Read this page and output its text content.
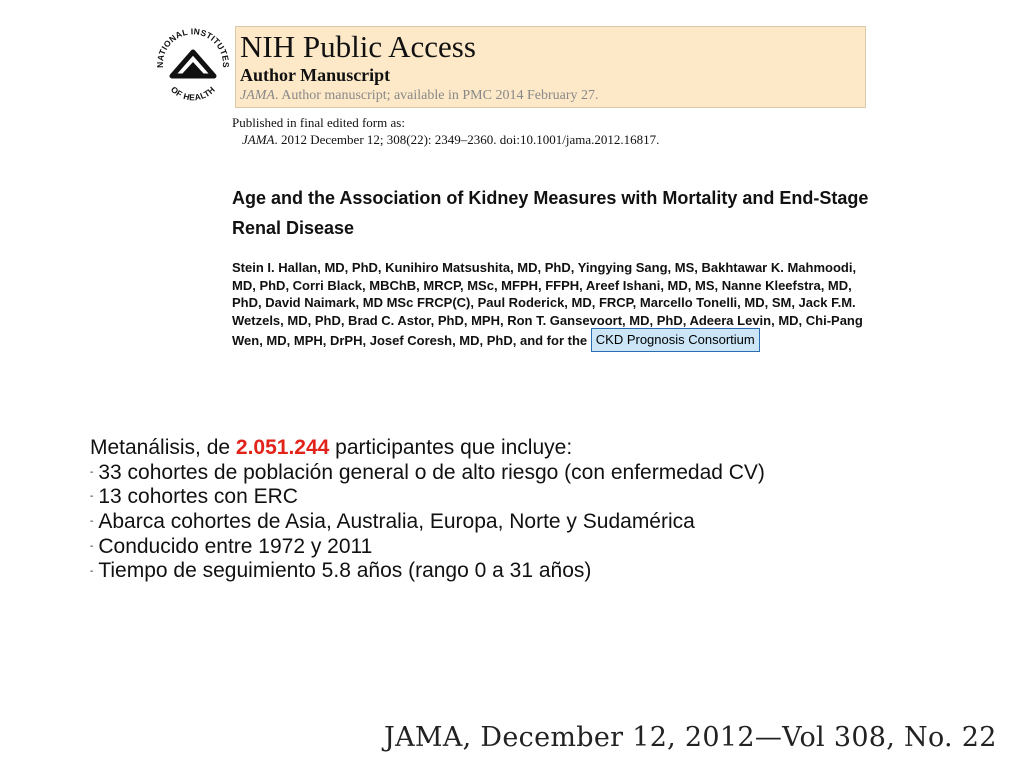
NATIONAL INSTITUTES
OF HEALTH
NIH Public Access
Author Manuscript
JAMA. Author manuscript; available in PMC 2014 February 27.
Published in final edited form as:
JAMA. 2012 December 12; 308(22): 2349–2360. doi:10.1001/jama.2012.16817.
Age and the Association of Kidney Measures with Mortality and End-Stage Renal Disease
Stein I. Hallan, MD, PhD, Kunihiro Matsushita, MD, PhD, Yingying Sang, MS, Bakhtawar K. Mahmoodi, MD, PhD, Corri Black, MBChB, MRCP, MSc, MFPH, FFPH, Areef Ishani, MD, MS, Nanne Kleefstra, MD, PhD, David Naimark, MD MSc FRCP(C), Paul Roderick, MD, FRCP, Marcello Tonelli, MD, SM, Jack F.M. Wetzels, MD, PhD, Brad C. Astor, PhD, MPH, Ron T. Gansevoort, MD, PhD, Adeera Levin, MD, Chi-Pang Wen, MD, MPH, DrPH, Josef Coresh, MD, PhD, and for the CKD Prognosis Consortium

Metanálisis, de 2.051.244 participantes que incluye:

- 33 cohortes de población general o de alto riesgo (con enfermedad CV)

- 13 cohortes con ERC

- Abarca cohortes de Asia, Australia, Europa, Norte y Sudamérica

- Conducido entre 1972 y 2011

- Tiempo de seguimiento 5.8 años (rango 0 a 31 años)

JAMA, December 12, 2012—Vol 308, No. 22
